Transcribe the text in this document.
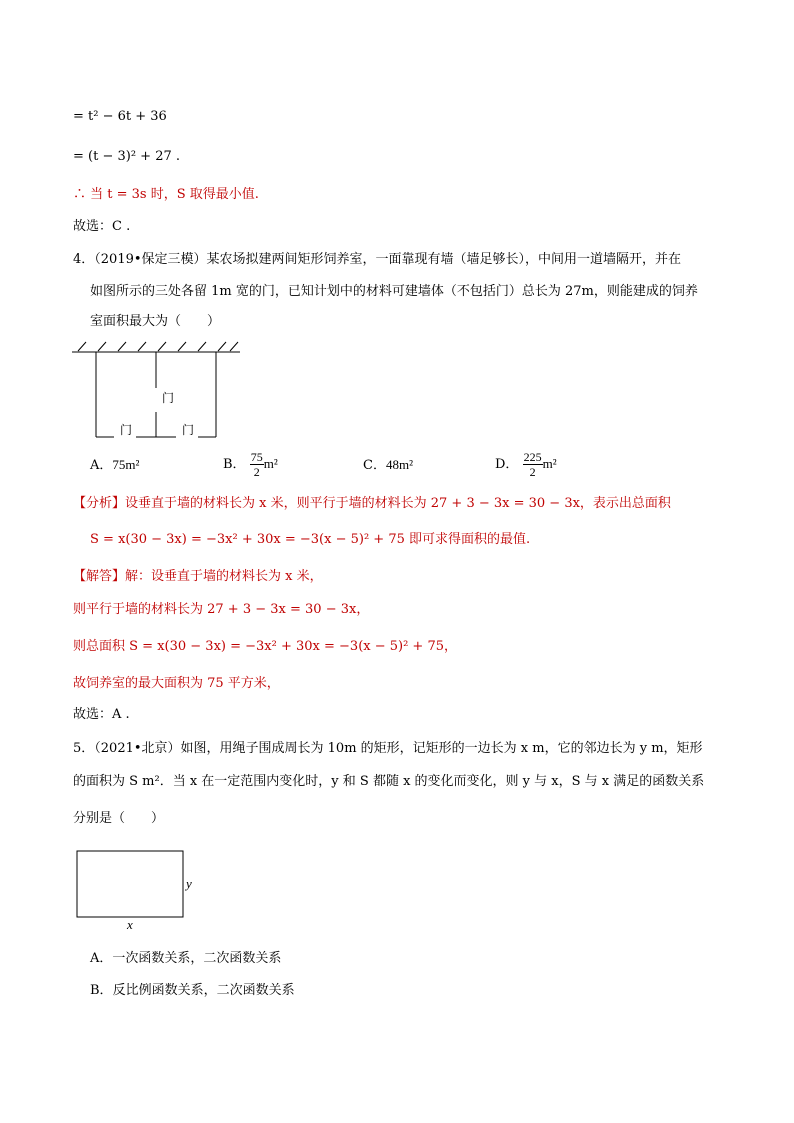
= t² − 6t + 36
= (t − 3)² + 27 .
∴ 当 t = 3s 时，S 取得最小值.
故选：C .
4．（2019•保定三模）某农场拟建两间矩形饲养室，一面靠现有墙（墙足够长），中间用一道墙隔开，并在
如图所示的三处各留 1m 宽的门，已知计划中的材料可建墙体（不包括门）总长为 27m，则能建成的饲养
室面积最大为（　　）
门
门	门
A．75m²	B． $\frac{75}{2} m^2$	C．48m²	D． $\frac{225}{2} m^2$
【分析】设垂直于墙的材料长为 x 米，则平行于墙的材料长为 27 + 3 − 3x = 30 − 3x，表示出总面积
S = x(30 − 3x) = −3x² + 30x = −3(x − 5)² + 75 即可求得面积的最值.
【解答】解：设垂直于墙的材料长为 x 米，
则平行于墙的材料长为 27 + 3 − 3x = 30 − 3x，
则总面积 S = x(30 − 3x) = −3x² + 30x = −3(x − 5)² + 75，
故饲养室的最大面积为 75 平方米，
故选：A .
5．（2021•北京）如图，用绳子围成周长为 10m 的矩形，记矩形的一边长为 x m，它的邻边长为 y m，矩形
的面积为 S m²．当 x 在一定范围内变化时，y 和 S 都随 x 的变化而变化，则 y 与 x，S 与 x 满足的函数关系
分别是（　　）
y
x
A．一次函数关系，二次函数关系
B．反比例函数关系，二次函数关系
